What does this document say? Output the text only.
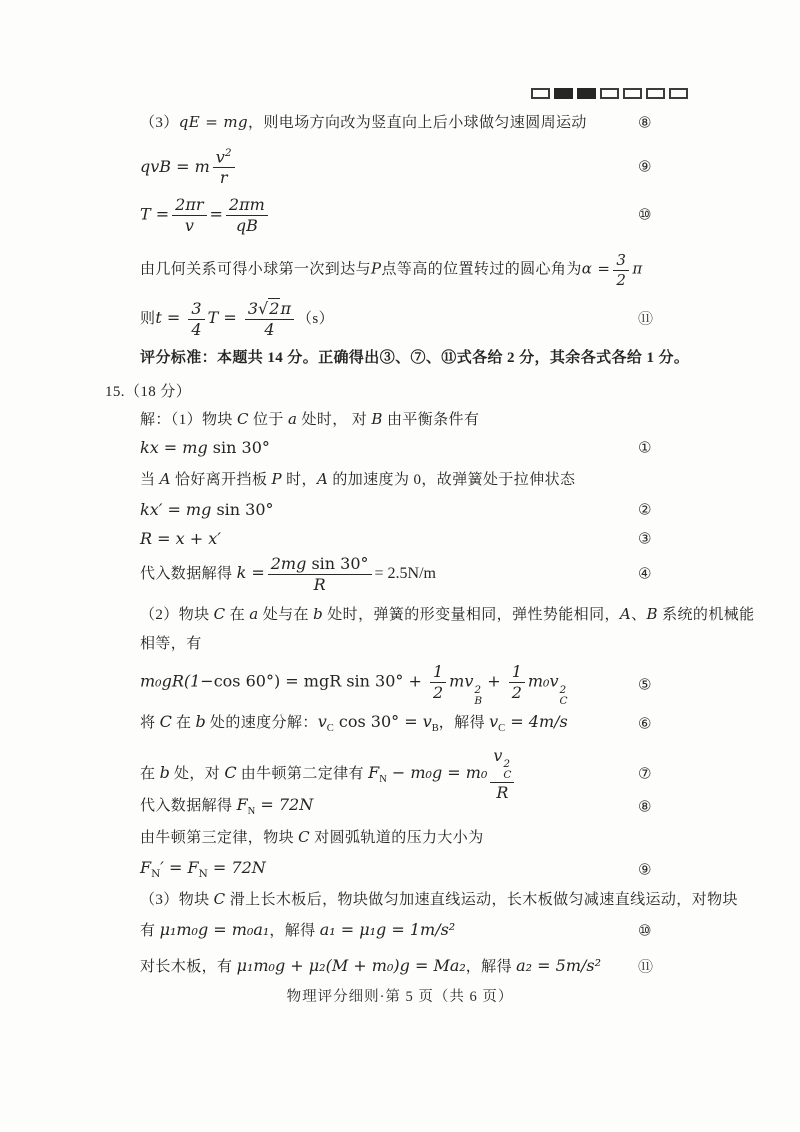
（3）qE = mg，则电场方向改为竖直向上后小球做匀速圆周运动	⑧
qvB = m $\frac{v^2}{r}$	⑨
$T = \frac{2\pi r}{v} = \frac{2\pi m}{qB}$	⑩
由几何关系可得小球第一次到达与P点等高的位置转过的圆心角为$\alpha = \frac{3}{2}$ π
则$t = \frac{3}{4}$ $T = \frac{3√2\pi}{4} (s)$	⑪
评分标准：本题共 14 分。正确得出③、⑦、⑪式各给 2 分，其余各式各给 1 分。
15.（18 分）
解：（1）物块 C 位于 a 处时， 对 B 由平衡条件有
kx = mg sin 30°	①
当 A 恰好离开挡板 P 时，A 的加速度为 0，故弹簧处于拉伸状态
kx′ = mg sin 30°	②
R = x + x′	③
代入数据解得 $k = \frac{\text{2mg sin 30°}}{R} = 2.5N/m$	④
（2）物块 C 在 a 处与在 b 处时，弹簧的形变量相同，弹性势能相同，A、B 系统的机械能
相等，有
m₀gR(1−cos 60°) = mgR $\sin 30^\circ + \frac{1}{2}$ mv 2
B
+ $\frac{1}{2} m_0v$ 2
C
⑤
将 C 在 b 处的速度分解：$v_C$ $\cos 30^\circ = v_B$，解得 $v_C = 4m/s$	⑥
在 b 处，对 C 由牛顿第二定律有 $F_N - m_0g = m_0$ v 2
C
R	⑦
代入数据解得 $F_N = 72N$	⑧
由牛顿第三定律，物块 C 对圆弧轨道的压力大小为
$F_N' = F_N = 72N$	⑨
（3）物块 C 滑上长木板后，物块做匀加速直线运动，长木板做匀减速直线运动，对物块
有 μ₁m₀g = m₀a₁，解得 a₁ = μ₁g = 1m/s²	⑩
对长木板，有 μ₁m₀g + μ₂(M + m₀)g = Ma₂，解得 a₂ = 5m/s² ⑪
物理评分细则·第 5 页（共 6 页）
